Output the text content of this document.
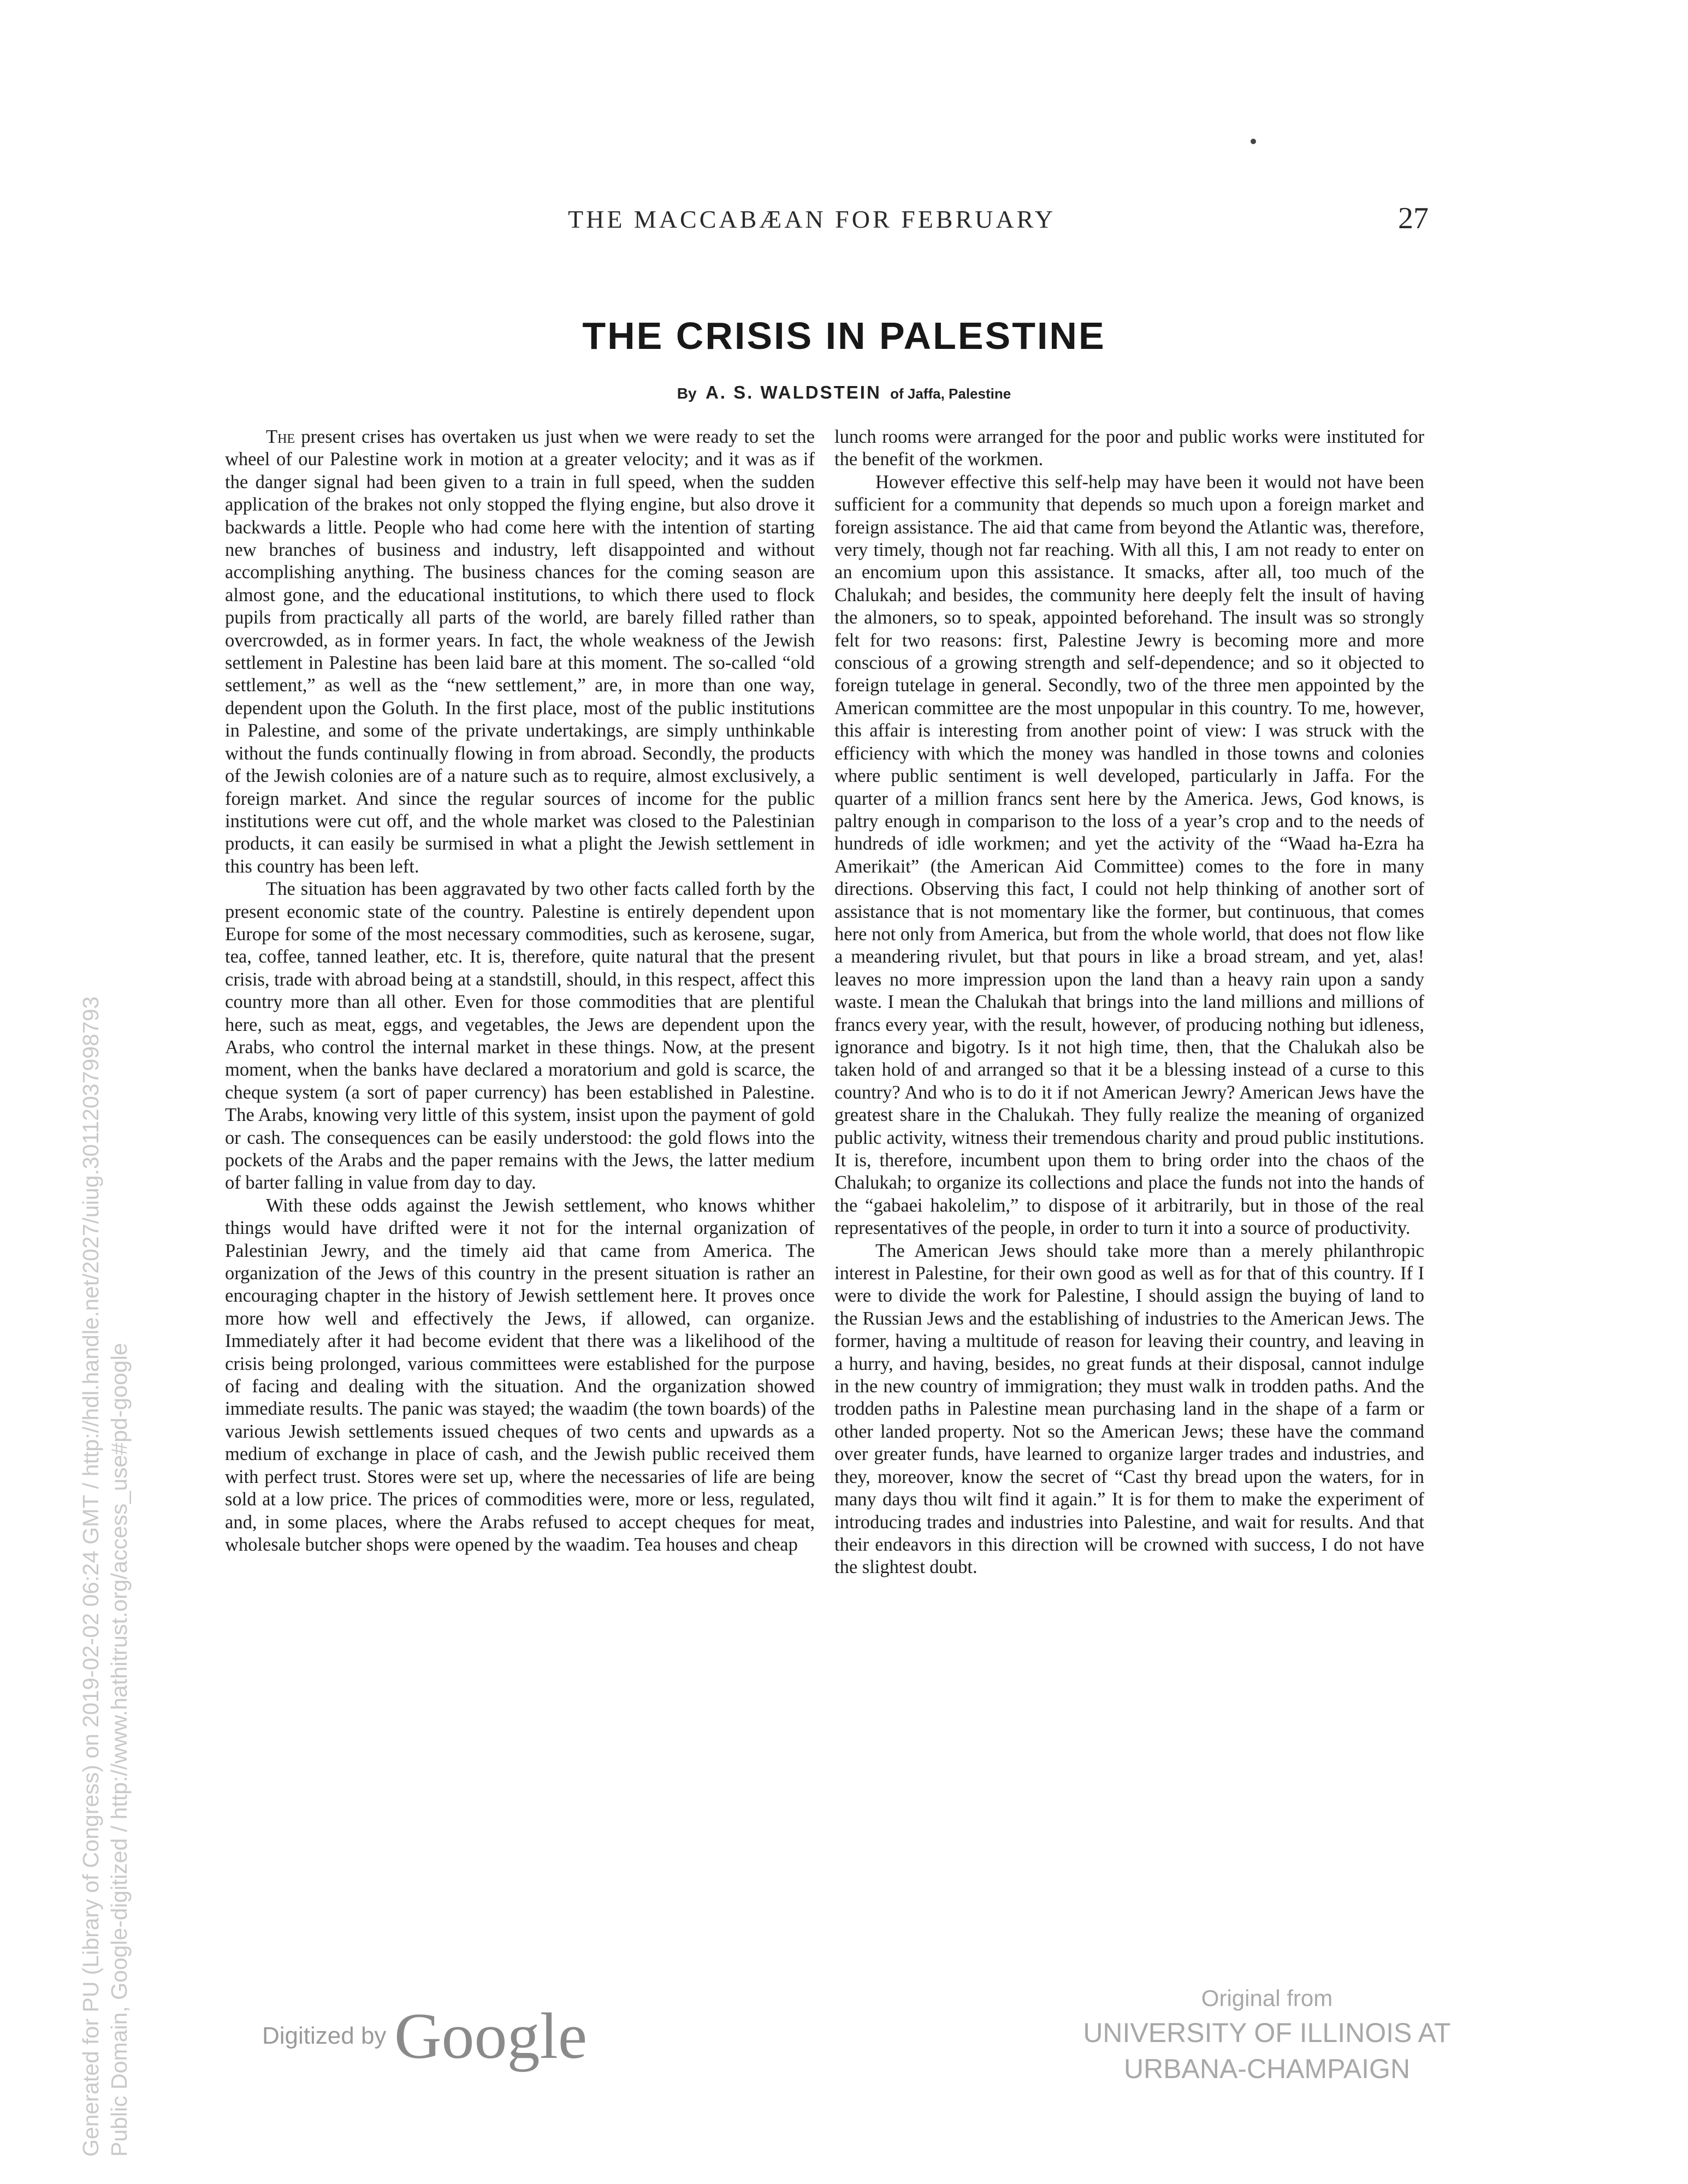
THE MACCABÆAN FOR FEBRUARY	27
THE CRISIS IN PALESTINE
By A. S. WALDSTEIN of Jaffa, Palestine

The present crises has overtaken us just when we were ready to set the wheel of our Palestine work in motion at a greater velocity; and it was as if the danger signal had been given to a train in full speed, when the sudden application of the brakes not only stopped the flying engine, but also drove it backwards a little. People who had come here with the intention of starting new branches of business and industry, left disappointed and without accomplishing anything. The business chances for the coming season are almost gone, and the educational institutions, to which there used to flock pupils from practically all parts of the world, are barely filled rather than overcrowded, as in former years. In fact, the whole weakness of the Jewish settlement in Palestine has been laid bare at this moment. The so-called “old settlement,” as well as the “new settlement,” are, in more than one way, dependent upon the Goluth. In the first place, most of the public institutions in Palestine, and some of the private undertakings, are simply unthinkable without the funds continually flowing in from abroad. Secondly, the products of the Jewish colonies are of a nature such as to require, almost exclusively, a foreign market. And since the regular sources of income for the public institutions were cut off, and the whole market was closed to the Palestinian products, it can easily be surmised in what a plight the Jewish settlement in this country has been left.

The situation has been aggravated by two other facts called forth by the present economic state of the country. Palestine is entirely dependent upon Europe for some of the most necessary commodities, such as kerosene, sugar, tea, coffee, tanned leather, etc. It is, therefore, quite natural that the present crisis, trade with abroad being at a standstill, should, in this respect, affect this country more than all other. Even for those commodities that are plentiful here, such as meat, eggs, and vegetables, the Jews are dependent upon the Arabs, who control the internal market in these things. Now, at the present moment, when the banks have declared a moratorium and gold is scarce, the cheque system (a sort of paper currency) has been established in Palestine. The Arabs, knowing very little of this system, insist upon the payment of gold or cash. The consequences can be easily understood: the gold flows into the pockets of the Arabs and the paper remains with the Jews, the latter medium of barter falling in value from day to day.

With these odds against the Jewish settlement, who knows whither things would have drifted were it not for the internal organization of Palestinian Jewry, and the timely aid that came from America. The organization of the Jews of this country in the present situation is rather an encouraging chapter in the history of Jewish settlement here. It proves once more how well and effectively the Jews, if allowed, can organize. Immediately after it had become evident that there was a likelihood of the crisis being prolonged, various committees were established for the purpose of facing and dealing with the situation. And the organization showed immediate results. The panic was stayed; the waadim (the town boards) of the various Jewish settlements issued cheques of two cents and upwards as a medium of exchange in place of cash, and the Jewish public received them with perfect trust. Stores were set up, where the necessaries of life are being sold at a low price. The prices of commodities were, more or less, regulated, and, in some places, where the Arabs refused to accept cheques for meat, wholesale butcher shops were opened by the waadim. Tea houses and cheap

lunch rooms were arranged for the poor and public works were instituted for the benefit of the workmen.

However effective this self-help may have been it would not have been sufficient for a community that depends so much upon a foreign market and foreign assistance. The aid that came from beyond the Atlantic was, therefore, very timely, though not far reaching. With all this, I am not ready to enter on an encomium upon this assistance. It smacks, after all, too much of the Chalukah; and besides, the community here deeply felt the insult of having the almoners, so to speak, appointed beforehand. The insult was so strongly felt for two reasons: first, Palestine Jewry is becoming more and more conscious of a growing strength and self-dependence; and so it objected to foreign tutelage in general. Secondly, two of the three men appointed by the American committee are the most unpopular in this country. To me, however, this affair is interesting from another point of view: I was struck with the efficiency with which the money was handled in those towns and colonies where public sentiment is well developed, particularly in Jaffa. For the quarter of a million francs sent here by the America. Jews, God knows, is paltry enough in comparison to the loss of a year’s crop and to the needs of hundreds of idle workmen; and yet the activity of the “Waad ha-Ezra ha Amerikait” (the American Aid Committee) comes to the fore in many directions. Observing this fact, I could not help thinking of another sort of assistance that is not momentary like the former, but continuous, that comes here not only from America, but from the whole world, that does not flow like a meandering rivulet, but that pours in like a broad stream, and yet, alas! leaves no more impression upon the land than a heavy rain upon a sandy waste. I mean the Chalukah that brings into the land millions and millions of francs every year, with the result, however, of producing nothing but idleness, ignorance and bigotry. Is it not high time, then, that the Chalukah also be taken hold of and arranged so that it be a blessing instead of a curse to this country? And who is to do it if not American Jewry? American Jews have the greatest share in the Chalukah. They fully realize the meaning of organized public activity, witness their tremendous charity and proud public institutions. It is, therefore, incumbent upon them to bring order into the chaos of the Chalukah; to organize its collections and place the funds not into the hands of the “gabaei hakolelim,” to dispose of it arbitrarily, but in those of the real representatives of the people, in order to turn it into a source of productivity.

The American Jews should take more than a merely philanthropic interest in Palestine, for their own good as well as for that of this country. If I were to divide the work for Palestine, I should assign the buying of land to the Russian Jews and the establishing of industries to the American Jews. The former, having a multitude of reason for leaving their country, and leaving in a hurry, and having, besides, no great funds at their disposal, cannot indulge in the new country of immigration; they must walk in trodden paths. And the trodden paths in Palestine mean purchasing land in the shape of a farm or other landed property. Not so the American Jews; these have the command over greater funds, have learned to organize larger trades and industries, and they, moreover, know the secret of “Cast thy bread upon the waters, for in many days thou wilt find it again.” It is for them to make the experiment of introducing trades and industries into Palestine, and wait for results. And that their endeavors in this direction will be crowned with success, I do not have the slightest doubt.

Generated for PU (Library of Congress) on 2019-02-02 06:24 GMT / http://hdl.handle.net/2027/uiug.30112037998793 Public Domain, Google-digitized / http://www.hathitrust.org/access_use#pd-google	Digitized by Google
Original from
UNIVERSITY OF ILLINOIS AT
URBANA-CHAMPAIGN
